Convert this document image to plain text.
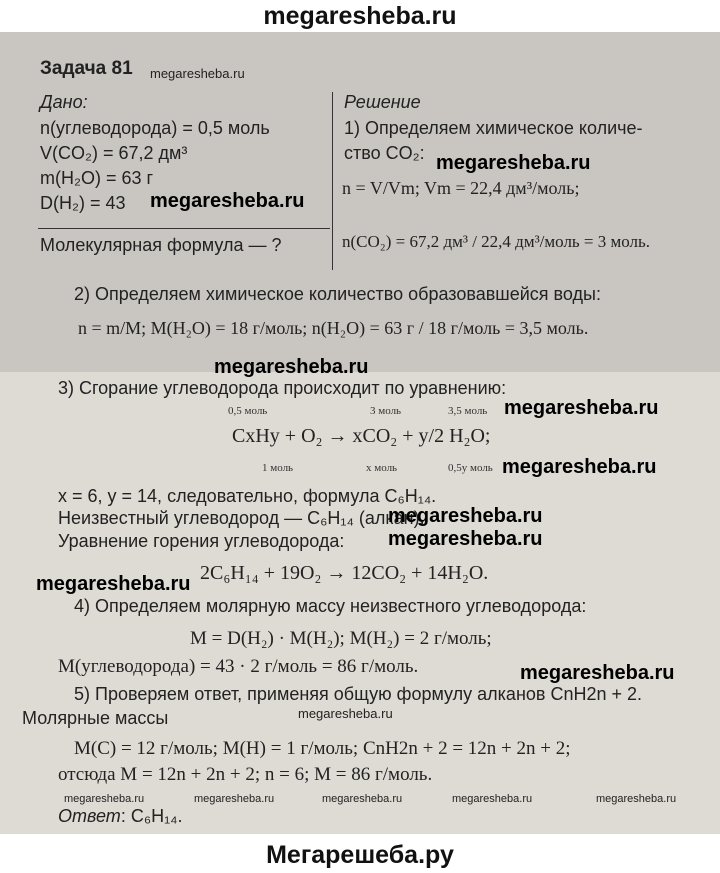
megaresheba.ru
Задача 81 megaresheba.ru
Дано:
n(углеводорода) = 0,5 моль
V(CO₂) = 67,2 дм³
m(H₂O) = 63 г
D(H₂) = 43 megaresheba.ru
Молекулярная формула — ?
Решение
1) Определяем химическое количе-
ство CO₂: megaresheba.ru
n = V/Vm; Vm = 22,4 дм³/моль;
n(CO₂) = 67,2 дм³ / 22,4 дм³/моль = 3 моль.
2) Определяем химическое количество образовавшейся воды:
n = m/M; M(H₂O) = 18 г/моль; n(H₂O) = 63 г / 18 г/моль = 3,5 моль.
megaresheba.ru
3) Сгорание углеводорода происходит по уравнению:
0,5 моль	3 моль	3,5 моль megaresheba.ru
CxHy + O₂ → xCO₂ + y/2 H₂O;
1 моль	x моль	0,5y моль megaresheba.ru
x = 6, y = 14, следовательно, формула C₆H₁₄.
Неизвестный углеводород — C₆H₁₄ (алкан).
megaresheba.ru
Уравнение горения углеводорода: megaresheba.ru
megaresheba.ru 2C₆H₁₄ + 19O₂ → 12CO₂ + 14H₂O.
4) Определяем молярную массу неизвестного углеводорода:
M = D(H₂) · M(H₂); M(H₂) = 2 г/моль;
M(углеводорода) = 43 · 2 г/моль = 86 г/моль.	megaresheba.ru
5) Проверяем ответ, применяя общую формулу алканов CnH2n + 2.
Молярные массы	megaresheba.ru
M(C) = 12 г/моль; M(H) = 1 г/моль; CnH2n + 2 = 12n + 2n + 2;
отсюда M = 12n + 2n + 2; n = 6; M = 86 г/моль.
megaresheba.ru	megaresheba.ru	megaresheba.ru	megaresheba.ru	megaresheba.ru
Ответ: C₆H₁₄.
Мегарешеба.ру
